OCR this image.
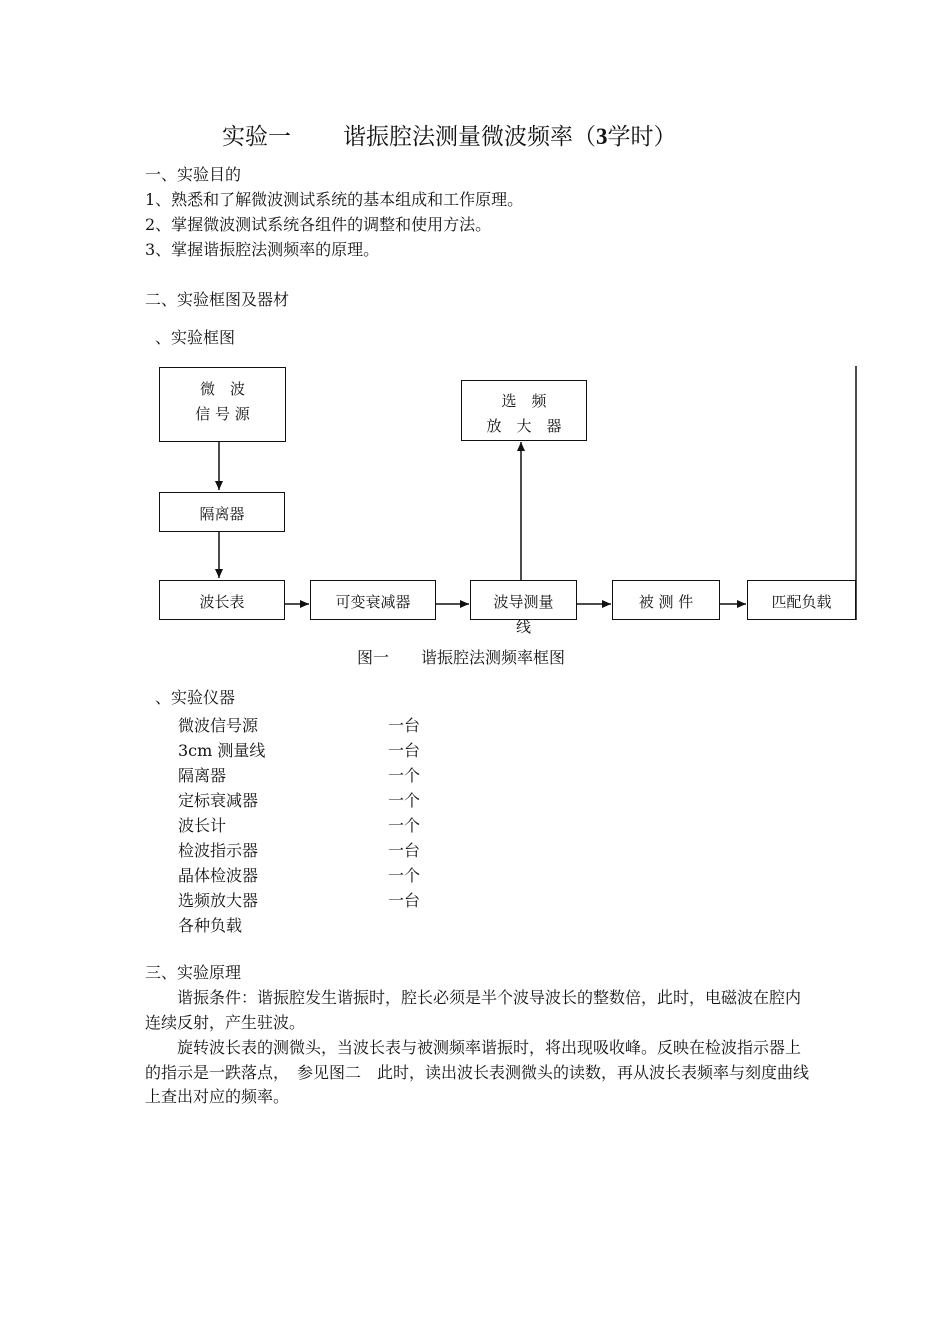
实验一 谐振腔法测量微波频率（3学时）
一、实验目的
1、熟悉和了解微波测试系统的基本组成和工作原理。
2、掌握微波测试系统各组件的调整和使用方法。
3、掌握谐振腔法测频率的原理。
二、实验框图及器材
、实验框图
微　波
信 号 源
隔离器
波长表	可变衰减器	波导测量
线
被 测 件	匹配负载
选　频
放　大　器
图一　　谐振腔法测频率框图
、实验仪器
微波信号源	一台
3cm 测量线	一台
隔离器	一个
定标衰减器	一个
波长计	一个
检波指示器	一台
晶体检波器	一个
选频放大器	一台
各种负载
三、实验原理
　　谐振条件：谐振腔发生谐振时，腔长必须是半个波导波长的整数倍，此时，电磁波在腔内连续反射，产生驻波。
　　旋转波长表的测微头，当波长表与被测频率谐振时，将出现吸收峰。反映在检波指示器上的指示是一跌落点，　参见图二　此时，读出波长表测微头的读数，再从波长表频率与刻度曲线上查出对应的频率。
